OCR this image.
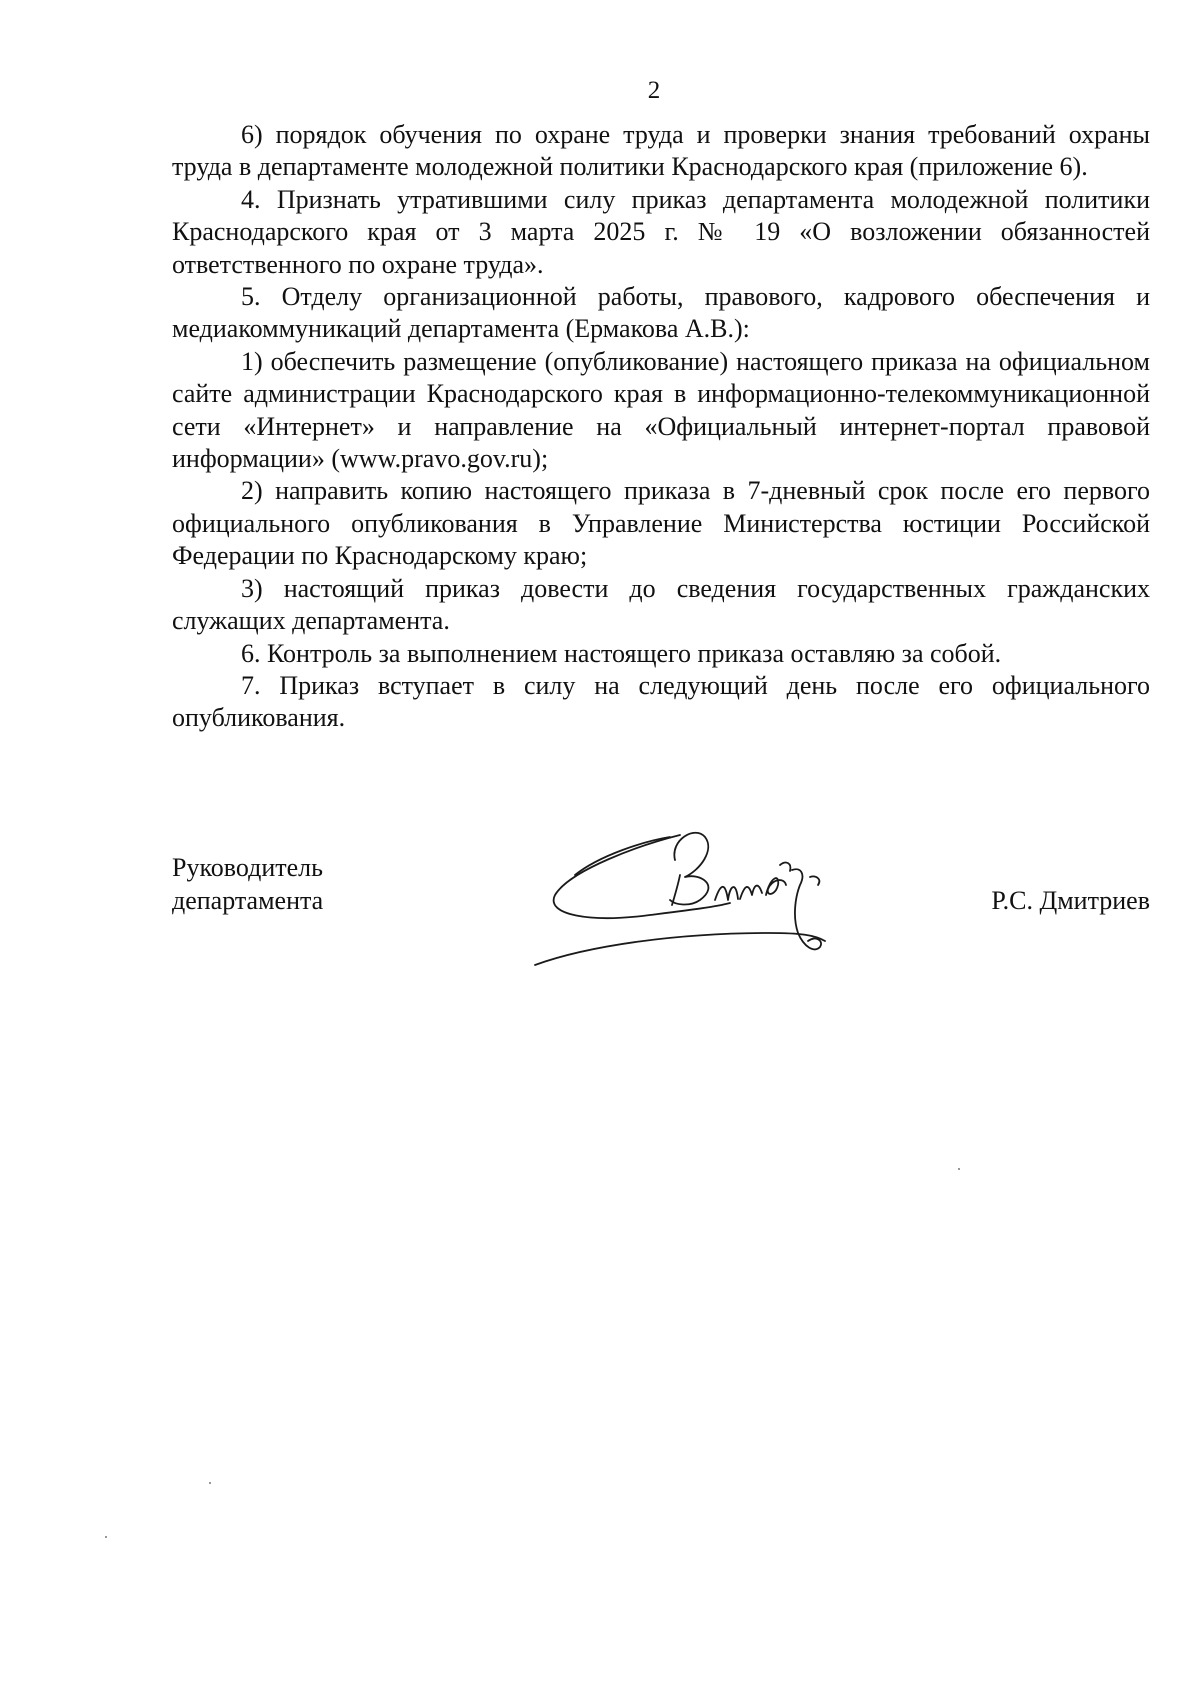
2

6) порядок обучения по охране труда и проверки знания требований охраны труда в департаменте молодежной политики Краснодарского края (приложение 6).

4. Признать утратившими силу приказ департамента молодежной политики Краснодарского края от 3 марта 2025 г. № 19 «О возложении обязанностей ответственного по охране труда».

5. Отделу организационной работы, правового, кадрового обеспечения и медиакоммуникаций департамента (Ермакова А.В.):

1) обеспечить размещение (опубликование) настоящего приказа на официальном сайте администрации Краснодарского края в информационно-телекоммуникационной сети «Интернет» и направление на «Официальный интернет-портал правовой информации» (www.pravo.gov.ru);

2) направить копию настоящего приказа в 7-дневный срок после его первого официального опубликования в Управление Министерства юстиции Российской Федерации по Краснодарскому краю;

3) настоящий приказ довести до сведения государственных гражданских служащих департамента.

6. Контроль за выполнением настоящего приказа оставляю за собой.

7. Приказ вступает в силу на следующий день после его официального опубликования.

Руководитель
департамента	Р.С. Дмитриев
